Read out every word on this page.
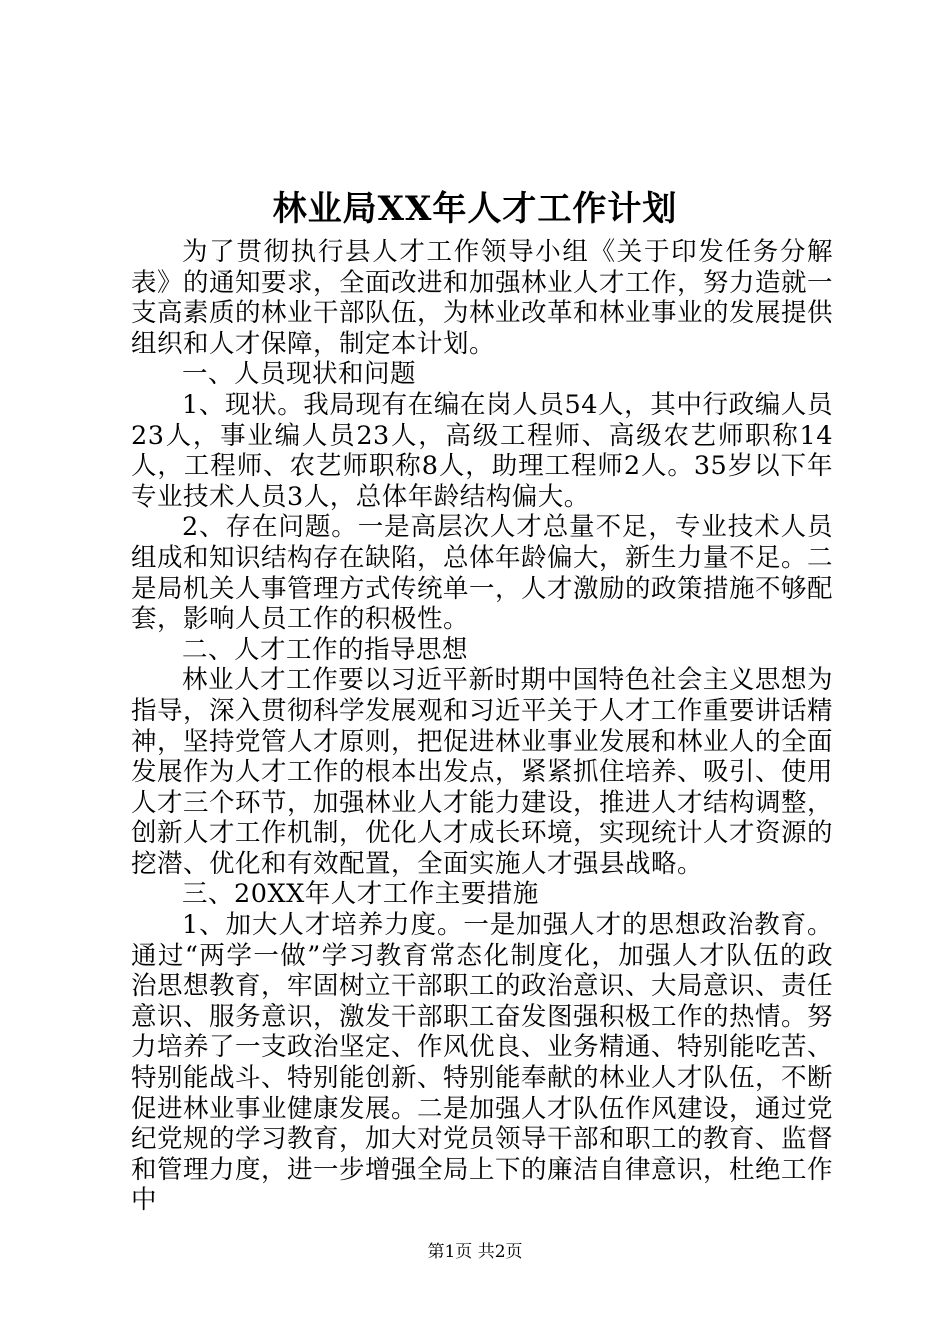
林业局XX年人才工作计划

为了贯彻执行县人才工作领导小组《关于印发任务分解表》的通知要求，全面改进和加强林业人才工作，努力造就一支高素质的林业干部队伍，为林业改革和林业事业的发展提供组织和人才保障，制定本计划。

一、人员现状和问题

1、现状。我局现有在编在岗人员54人，其中行政编人员23人，事业编人员23人，高级工程师、高级农艺师职称14人，工程师、农艺师职称8人，助理工程师2人。35岁以下年专业技术人员3人，总体年龄结构偏大。

2、存在问题。一是高层次人才总量不足，专业技术人员组成和知识结构存在缺陷，总体年龄偏大，新生力量不足。二是局机关人事管理方式传统单一，人才激励的政策措施不够配套，影响人员工作的积极性。

二、人才工作的指导思想

林业人才工作要以习近平新时期中国特色社会主义思想为指导，深入贯彻科学发展观和习近平关于人才工作重要讲话精神，坚持党管人才原则，把促进林业事业发展和林业人的全面发展作为人才工作的根本出发点，紧紧抓住培养、吸引、使用人才三个环节，加强林业人才能力建设，推进人才结构调整，创新人才工作机制，优化人才成长环境，实现统计人才资源的挖潜、优化和有效配置，全面实施人才强县战略。

三、20XX年人才工作主要措施

1、加大人才培养力度。一是加强人才的思想政治教育。通过“两学一做”学习教育常态化制度化，加强人才队伍的政治思想教育，牢固树立干部职工的政治意识、大局意识、责任意识、服务意识，激发干部职工奋发图强积极工作的热情。努力培养了一支政治坚定、作风优良、业务精通、特别能吃苦、特别能战斗、特别能创新、特别能奉献的林业人才队伍，不断促进林业事业健康发展。二是加强人才队伍作风建设，通过党纪党规的学习教育，加大对党员领导干部和职工的教育、监督和管理力度，进一步增强全局上下的廉洁自律意识，杜绝工作中

第1页 共2页
